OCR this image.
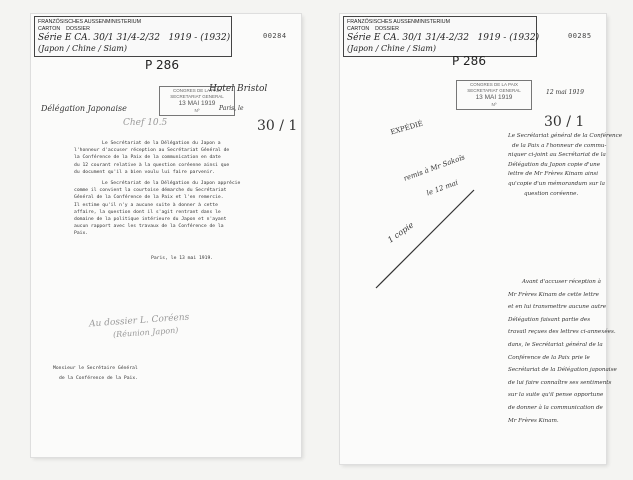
FRANZÖSISCHES AUSSENMINISTERIUM
CARTON DOSSIER
Série E CA. 30/1 31/4-2/32 1919 - (1932)
(Japon / Chine / Siam)
00284
P 286
CONGRES DE LA PAIX
SECRETARIAT GENERAL
13 MAI 1919
Nº
Hotel Bristol
Délégation Japonaise	Paris, le
Chef 10.5	30 / 1

Le Secrétariat de la Délégation du Japon a

l'honneur d'accuser réception au Secrétariat Général de

la Conférence de la Paix de la communication en date

du 12 courant relative à la question coréenne ainsi que

du document qu'il a bien voulu lui faire parvenir.

Le Secrétariat de la Délégation du Japon apprécie

comme il convient la courtoise démarche du Secrétariat

Général de la Conférence de la Paix et l'en remercie.

Il estime qu'il n'y a aucune suite à donner à cette

affaire, la question dont il s'agit rentrant dans le

domaine de la politique intérieure du Japon et n'ayant

aucun rapport avec les travaux de la Conférence de la

Paix.

Paris, le 13 mai 1919.
Au dossier L. Coréens
(Réunion Japon)

Monsieur le Secrétaire Général

de la Conférence de la Paix.

FRANZÖSISCHES AUSSENMINISTERIUM
CARTON DOSSIER
Série E CA. 30/1 31/4-2/32 1919 - (1932)
(Japon / Chine / Siam)
00285
P 286
CONGRES DE LA PAIX
SECRETARIAT GENERAL
13 MAI 1919
Nº
12 mai 1919
30 / 1
EXPÉDIÉ
remis à Mr Sakoïs
le 12 mai
1 copie

Le Secrétariat général de la Conférence

de la Paix a l'honneur de commu-

niquer ci-joint au Secrétariat de la

Délégation du Japon copie d'une

lettre de Mr Frères Kinam ainsi

qu'copie d'un mémorandum sur la

question coréenne.

Avant d'accuser réception à

Mr Frères Kinam de cette lettre

et en lui transmettre aucune autre

Délégation faisant partie des

travail reçues des lettres ci-annexées.

dans, le Secrétariat général de la

Conférence de la Paix prie le

Secrétariat de la Délégation japonaise

de lui faire connaître ses sentiments

sur la suite qu'il pense opportune

de donner à la communication de

Mr Frères Kinam.
